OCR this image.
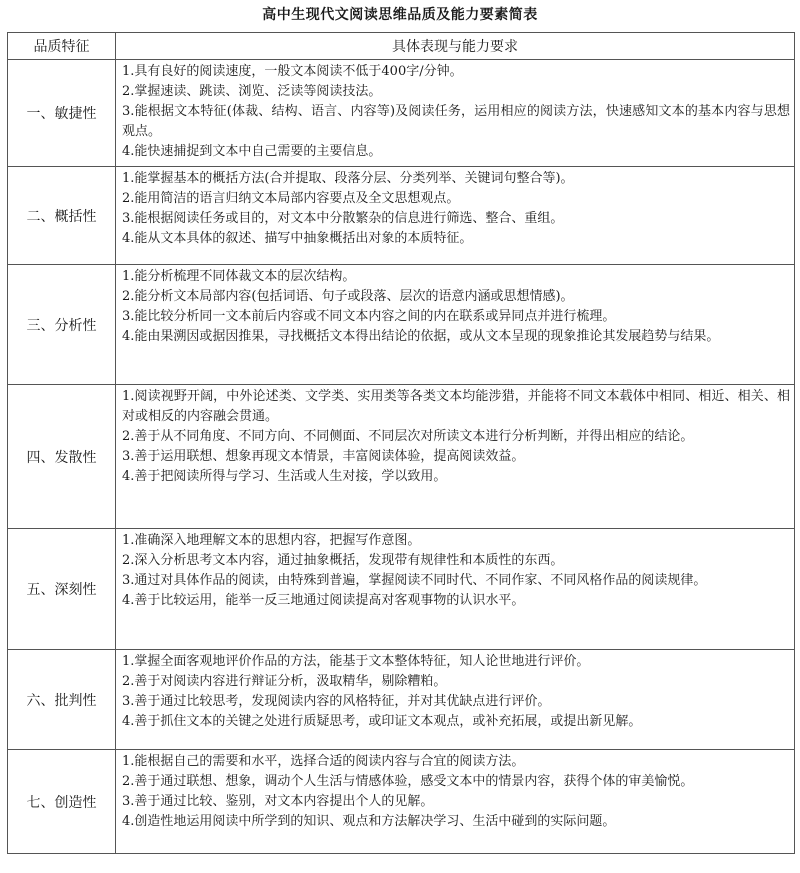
高中生现代文阅读思维品质及能力要素简表
品质特征	具体表现与能力要求
一、敏捷性	1.具有良好的阅读速度，一般文本阅读不低于400字/分钟。
2.掌握速读、跳读、浏览、泛读等阅读技法。
3.能根据文本特征(体裁、结构、语言、内容等)及阅读任务，运用相应的阅读方法，快速感知文本的基本内容与思想观点。
4.能快速捕捉到文本中自己需要的主要信息。

二、概括性	1.能掌握基本的概括方法(合并提取、段落分层、分类列举、关键词句整合等)。
2.能用简洁的语言归纳文本局部内容要点及全文思想观点。
3.能根据阅读任务或目的，对文本中分散繁杂的信息进行筛选、整合、重组。
4.能从文本具体的叙述、描写中抽象概括出对象的本质特征。

三、分析性	1.能分析梳理不同体裁文本的层次结构。
2.能分析文本局部内容(包括词语、句子或段落、层次的语意内涵或思想情感)。
3.能比较分析同一文本前后内容或不同文本内容之间的内在联系或异同点并进行梳理。
4.能由果溯因或据因推果，寻找概括文本得出结论的依据，或从文本呈现的现象推论其发展趋势与结果。

四、发散性	1.阅读视野开阔，中外论述类、文学类、实用类等各类文本均能涉猎，并能将不同文本载体中相同、相近、相关、相对或相反的内容融会贯通。
2.善于从不同角度、不同方向、不同侧面、不同层次对所读文本进行分析判断，并得出相应的结论。
3.善于运用联想、想象再现文本情景，丰富阅读体验，提高阅读效益。
4.善于把阅读所得与学习、生活或人生对接，学以致用。

五、深刻性	1.准确深入地理解文本的思想内容，把握写作意图。
2.深入分析思考文本内容，通过抽象概括，发现带有规律性和本质性的东西。
3.通过对具体作品的阅读，由特殊到普遍，掌握阅读不同时代、不同作家、不同风格作品的阅读规律。
4.善于比较运用，能举一反三地通过阅读提高对客观事物的认识水平。

六、批判性	1.掌握全面客观地评价作品的方法，能基于文本整体特征，知人论世地进行评价。
2.善于对阅读内容进行辩证分析，汲取精华，剔除糟粕。
3.善于通过比较思考，发现阅读内容的风格特征，并对其优缺点进行评价。
4.善于抓住文本的关键之处进行质疑思考，或印证文本观点，或补充拓展，或提出新见解。

七、创造性	1.能根据自己的需要和水平，选择合适的阅读内容与合宜的阅读方法。
2.善于通过联想、想象，调动个人生活与情感体验，感受文本中的情景内容，获得个体的审美愉悦。
3.善于通过比较、鉴别，对文本内容提出个人的见解。
4.创造性地运用阅读中所学到的知识、观点和方法解决学习、生活中碰到的实际问题。
